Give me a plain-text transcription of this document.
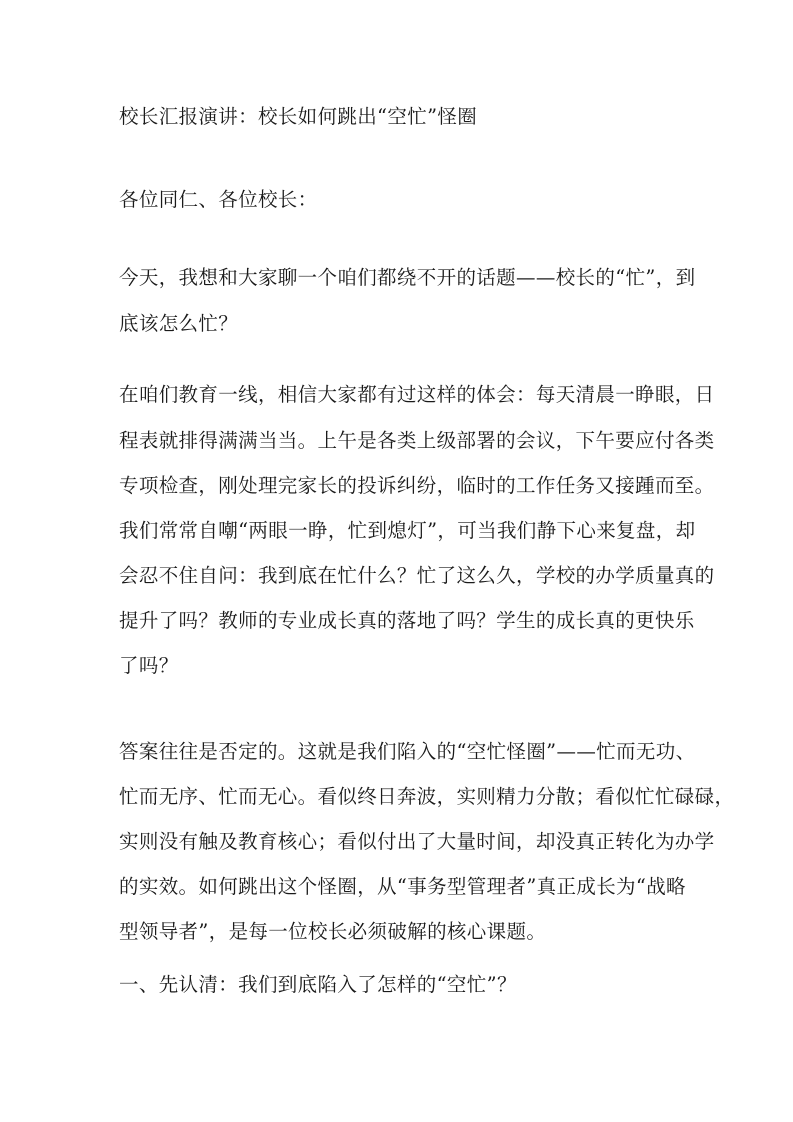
校长汇报演讲：校长如何跳出“空忙”怪圈
各位同仁、各位校长：
今天，我想和大家聊一个咱们都绕不开的话题——校长的“忙”，到
底该怎么忙？
在咱们教育一线，相信大家都有过这样的体会：每天清晨一睁眼，日
程表就排得满满当当。上午是各类上级部署的会议，下午要应付各类
专项检查，刚处理完家长的投诉纠纷，临时的工作任务又接踵而至。
我们常常自嘲“两眼一睁，忙到熄灯”，可当我们静下心来复盘，却
会忍不住自问：我到底在忙什么？忙了这么久，学校的办学质量真的
提升了吗？教师的专业成长真的落地了吗？学生的成长真的更快乐
了吗？
答案往往是否定的。这就是我们陷入的“空忙怪圈”——忙而无功、
忙而无序、忙而无心。看似终日奔波，实则精力分散；看似忙忙碌碌，
实则没有触及教育核心；看似付出了大量时间，却没真正转化为办学
的实效。如何跳出这个怪圈，从“事务型管理者”真正成长为“战略
型领导者”，是每一位校长必须破解的核心课题。
一、先认清：我们到底陷入了怎样的“空忙”？
